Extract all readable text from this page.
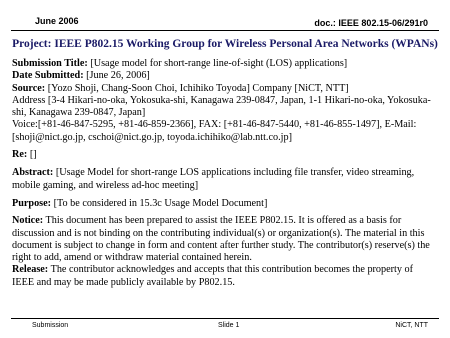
June 2006	doc.: IEEE 802.15-06/291r0
Project: IEEE P802.15 Working Group for Wireless Personal Area Networks (WPANs)

Submission Title: [Usage model for short-range line-of-sight (LOS) applications]

Date Submitted: [June 26, 2006]

Source: [Yozo Shoji, Chang-Soon Choi, Ichihiko Toyoda] Company [NiCT, NTT]

Address [3-4 Hikari-no-oka, Yokosuka-shi, Kanagawa 239-0847, Japan, 1-1 Hikari-no-oka, Yokosuka-shi, Kanagawa 239-0847, Japan]

Voice:[+81-46-847-5295, +81-46-859-2366], FAX: [+81-46-847-5440, +81-46-855-1497], E-Mail:[shoji@nict.go.jp, cschoi@nict.go.jp, toyoda.ichihiko@lab.ntt.co.jp]

Re: []

Abstract: [Usage Model for short-range LOS applications including file transfer, video streaming, mobile gaming, and wireless ad-hoc meeting]

Purpose: [To be considered in 15.3c Usage Model Document]

Notice: This document has been prepared to assist the IEEE P802.15. It is offered as a basis for discussion and is not binding on the contributing individual(s) or organization(s). The material in this document is subject to change in form and content after further study. The contributor(s) reserve(s) the right to add, amend or withdraw material contained herein.

Release: The contributor acknowledges and accepts that this contribution becomes the property of IEEE and may be made publicly available by P802.15.

Submission	Slide 1	NiCT, NTT
